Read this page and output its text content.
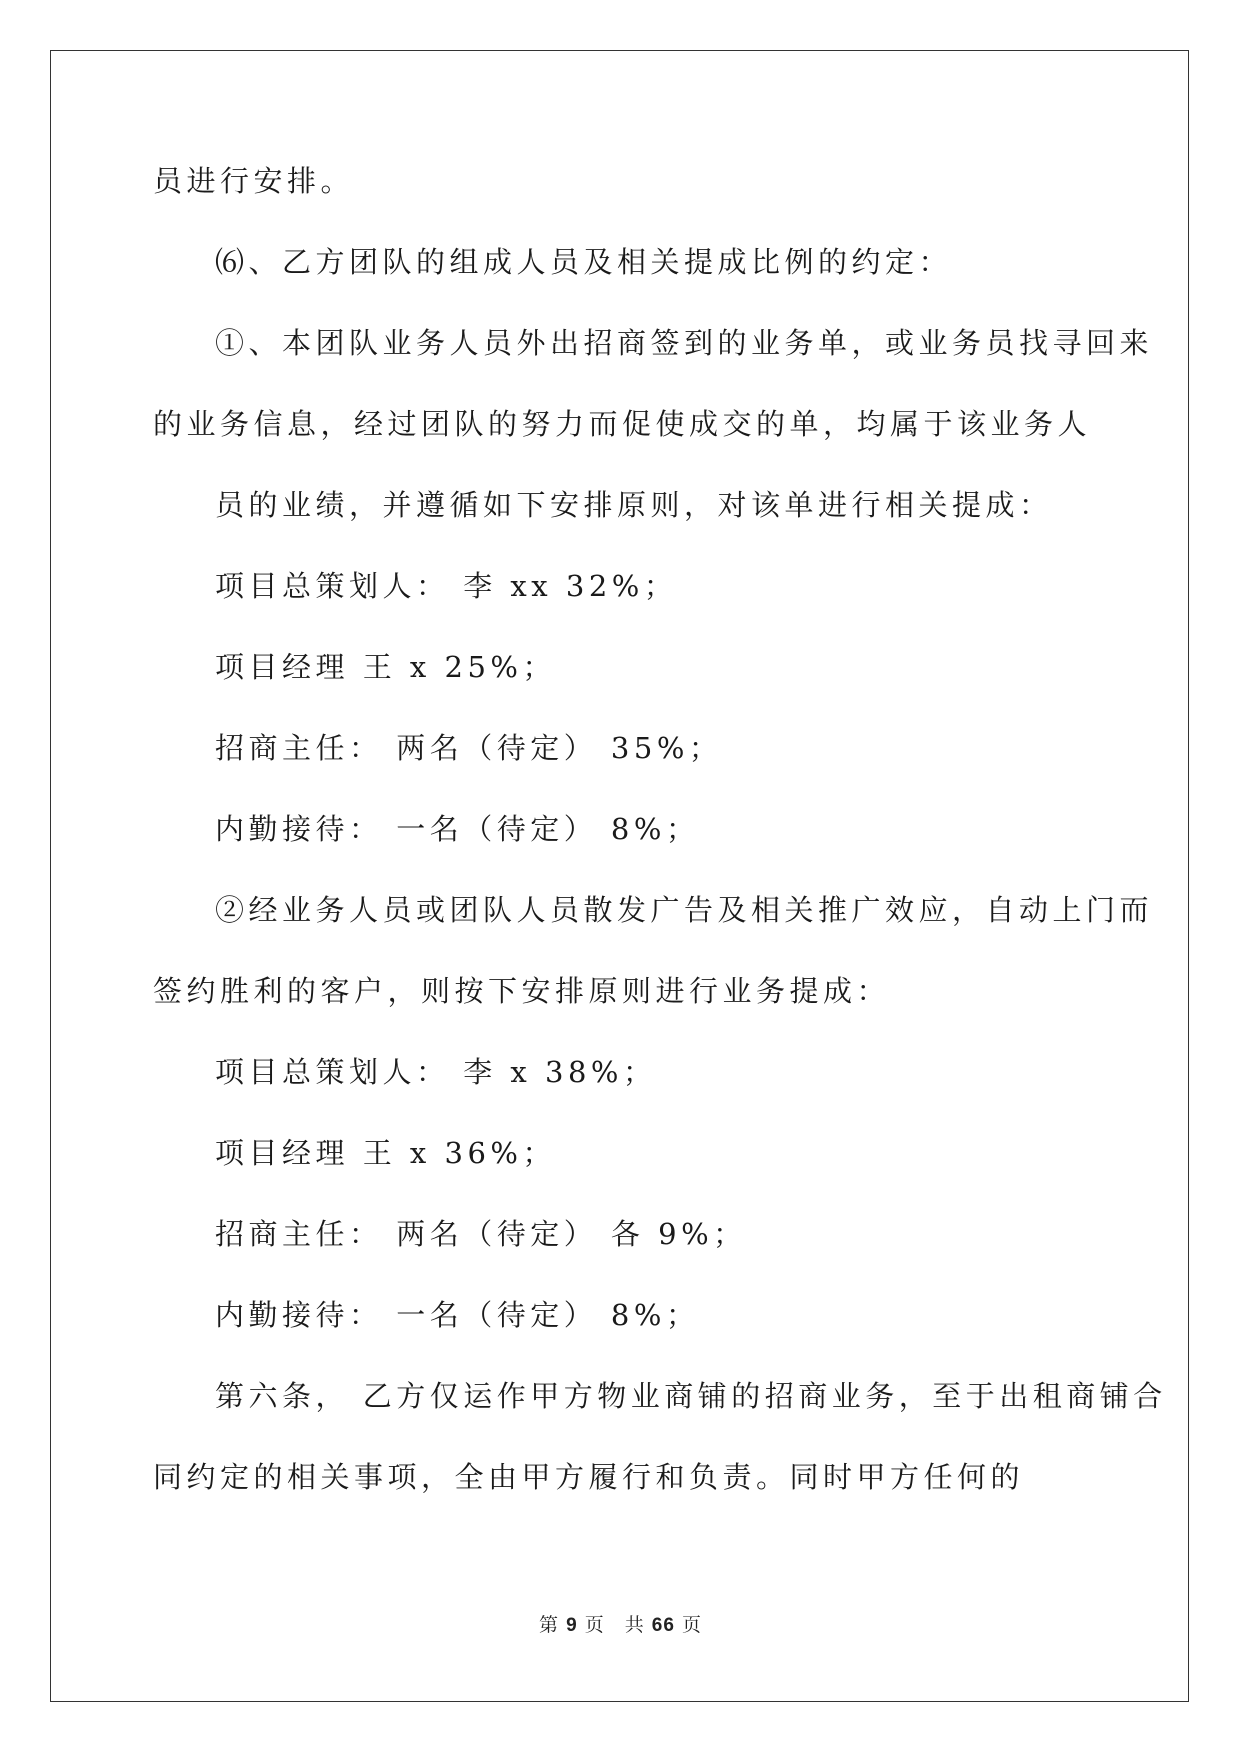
员进行安排。

⑹、乙方团队的组成人员及相关提成比例的约定：

①、本团队业务人员外出招商签到的业务单，或业务员找寻回来

的业务信息，经过团队的努力而促使成交的单，均属于该业务人

员的业绩，并遵循如下安排原则，对该单进行相关提成：

项目总策划人： 李 xx 32%；

项目经理 王 x 25%；

招商主任： 两名（待定） 35%；

内勤接待： 一名（待定） 8%；

②经业务人员或团队人员散发广告及相关推广效应，自动上门而

签约胜利的客户，则按下安排原则进行业务提成：

项目总策划人： 李 x 38%；

项目经理 王 x 36%；

招商主任： 两名（待定） 各 9%；

内勤接待： 一名（待定） 8%；

第六条， 乙方仅运作甲方物业商铺的招商业务，至于出租商铺合

同约定的相关事项，全由甲方履行和负责。同时甲方任何的

第 9 页　共 66 页
